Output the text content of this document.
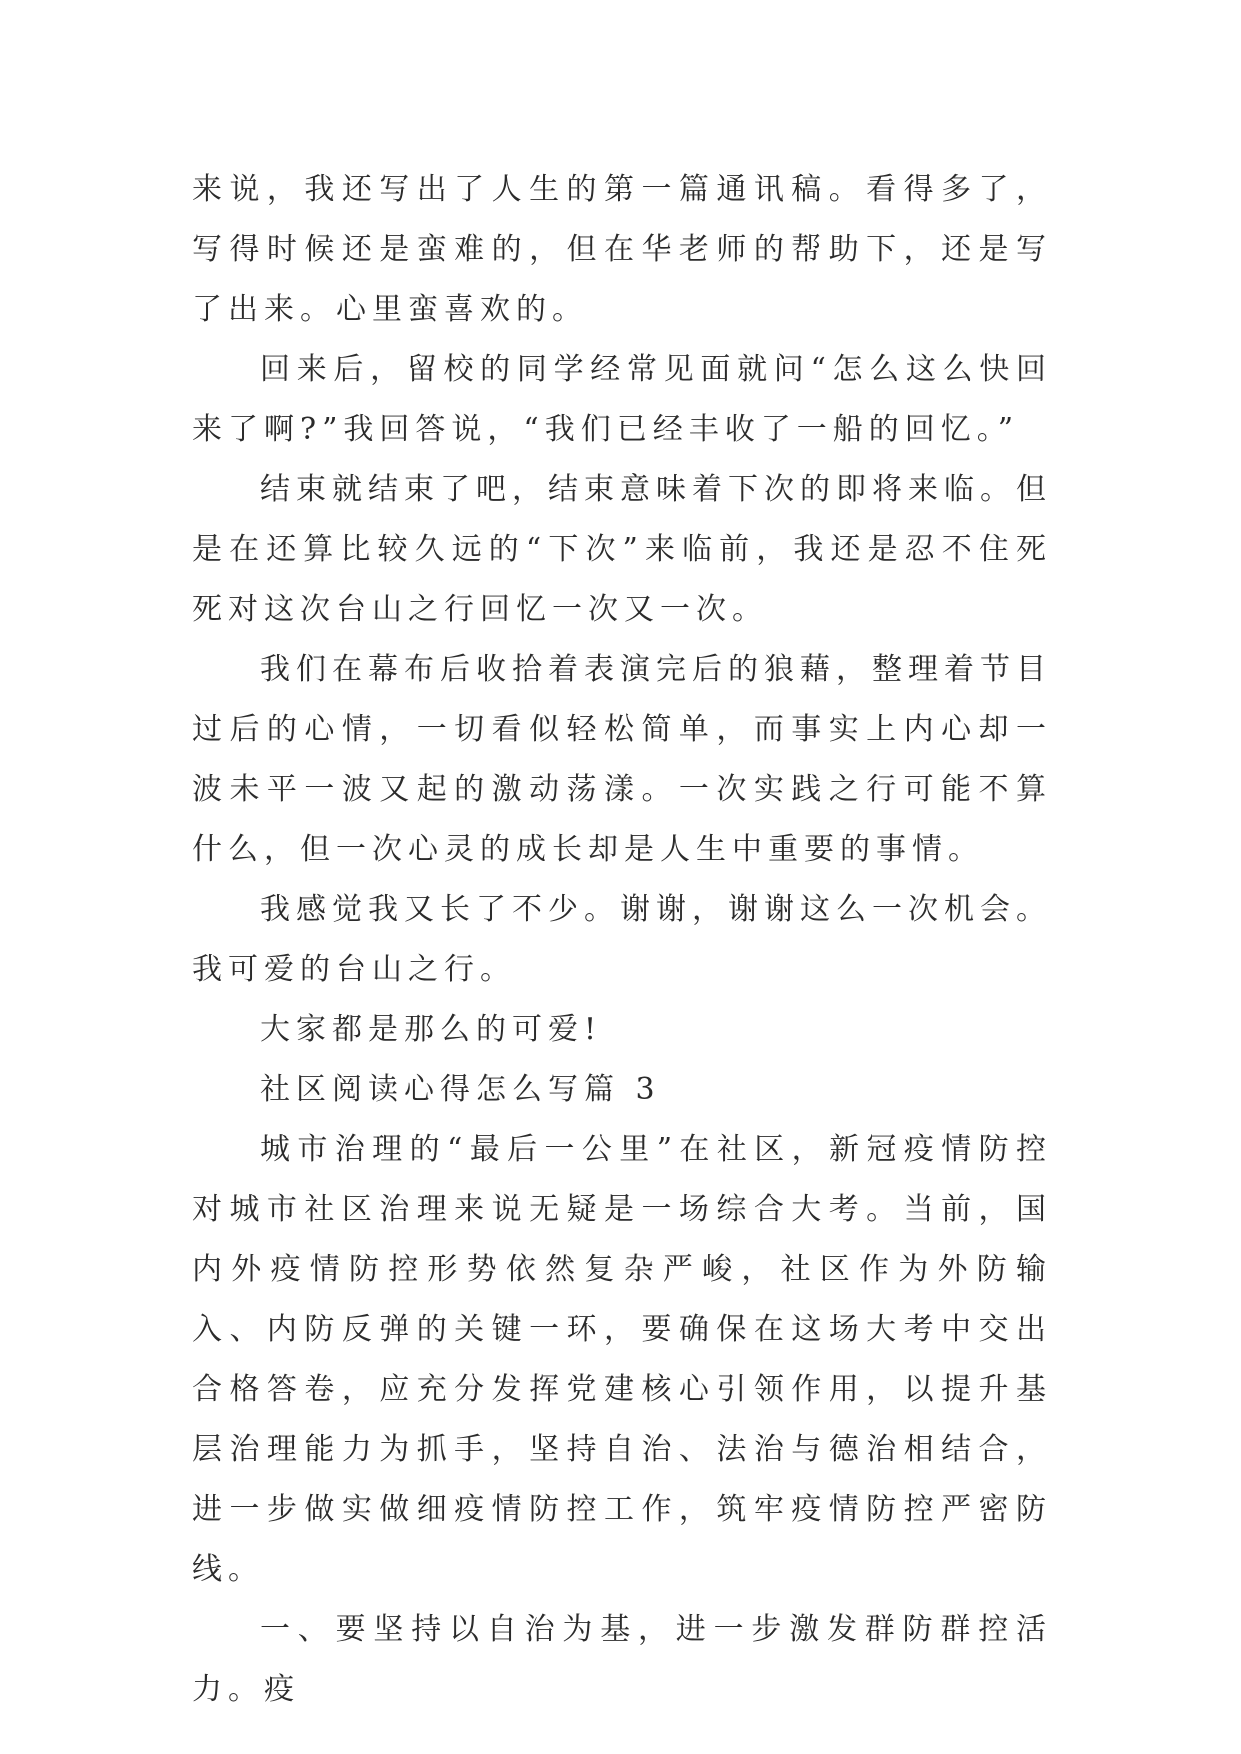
来说，我还写出了人生的第一篇通讯稿。看得多了，写得时候还是蛮难的，但在华老师的帮助下，还是写了出来。心里蛮喜欢的。

回来后，留校的同学经常见面就问“怎么这么快回来了啊?”我回答说，“我们已经丰收了一船的回忆。”

结束就结束了吧，结束意味着下次的即将来临。但是在还算比较久远的“下次”来临前，我还是忍不住死死对这次台山之行回忆一次又一次。

我们在幕布后收拾着表演完后的狼藉，整理着节目过后的心情，一切看似轻松简单，而事实上内心却一波未平一波又起的激动荡漾。一次实践之行可能不算什么，但一次心灵的成长却是人生中重要的事情。

我感觉我又长了不少。谢谢，谢谢这么一次机会。我可爱的台山之行。

大家都是那么的可爱!

社区阅读心得怎么写篇 3

城市治理的“最后一公里”在社区，新冠疫情防控对城市社区治理来说无疑是一场综合大考。当前，国内外疫情防控形势依然复杂严峻，社区作为外防输入、内防反弹的关键一环，要确保在这场大考中交出合格答卷，应充分发挥党建核心引领作用，以提升基层治理能力为抓手，坚持自治、法治与德治相结合，进一步做实做细疫情防控工作，筑牢疫情防控严密防线。

一、要坚持以自治为基，进一步激发群防群控活力。疫
